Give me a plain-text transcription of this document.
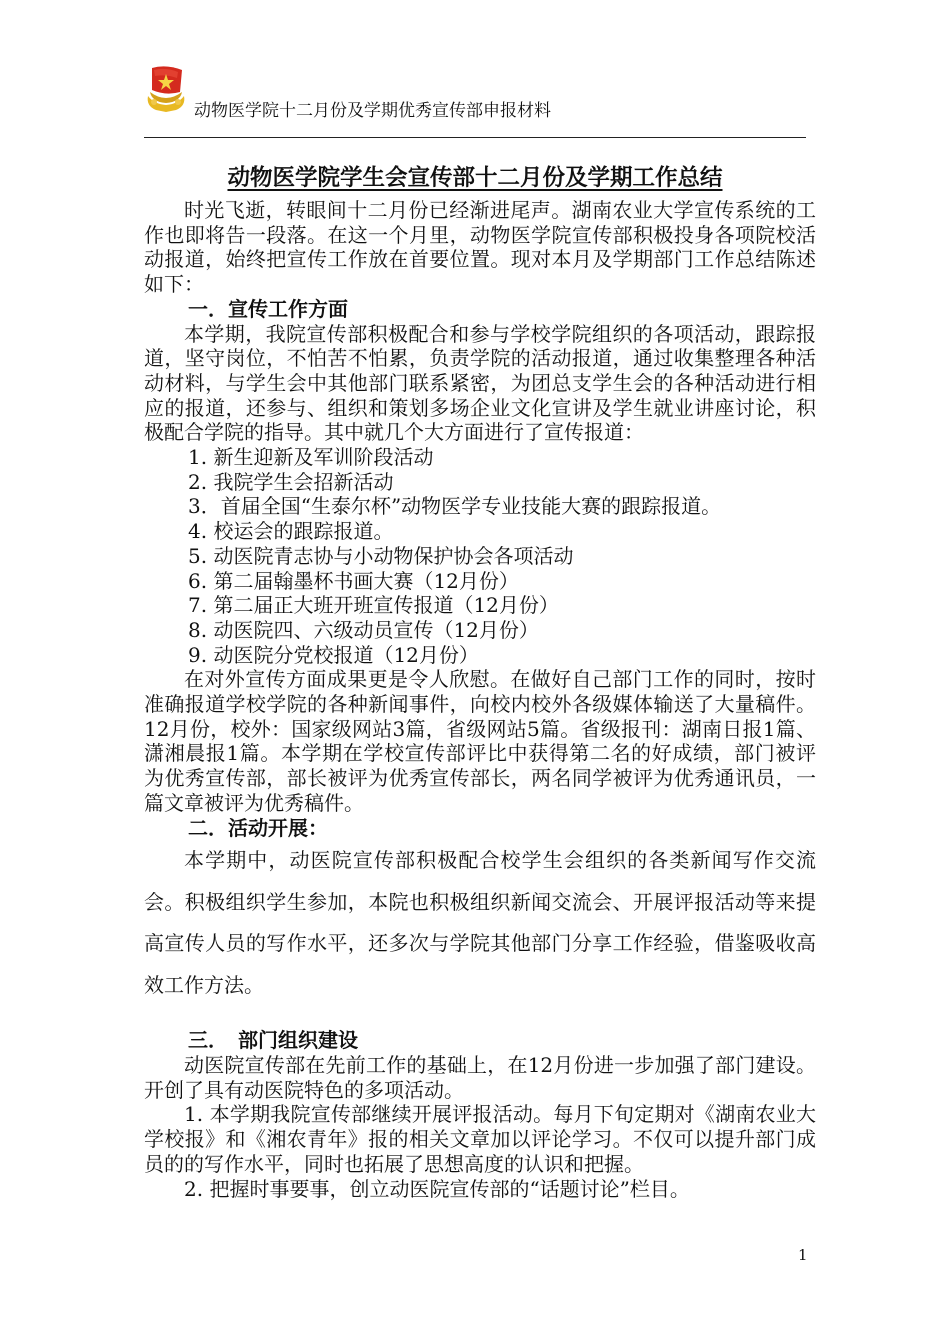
动物医学院十二月份及学期优秀宣传部申报材料
动物医学院学生会宣传部十二月份及学期工作总结

时光飞逝，转眼间十二月份已经渐进尾声。湖南农业大学宣传系统的工作也即将告一段落。在这一个月里，动物医学院宣传部积极投身各项院校活动报道，始终把宣传工作放在首要位置。现对本月及学期部门工作总结陈述如下：

一．宣传工作方面

本学期，我院宣传部积极配合和参与学校学院组织的各项活动，跟踪报道，坚守岗位，不怕苦不怕累，负责学院的活动报道，通过收集整理各种活动材料，与学生会中其他部门联系紧密，为团总支学生会的各种活动进行相应的报道，还参与、组织和策划多场企业文化宣讲及学生就业讲座讨论，积极配合学院的指导。其中就几个大方面进行了宣传报道：

1. 新生迎新及军训阶段活动

2. 我院学生会招新活动

3．首届全国“生泰尔杯”动物医学专业技能大赛的跟踪报道。

4. 校运会的跟踪报道。

5. 动医院青志协与小动物保护协会各项活动

6. 第二届翰墨杯书画大赛（12月份）

7. 第二届正大班开班宣传报道（12月份）

8. 动医院四、六级动员宣传（12月份）

9. 动医院分党校报道（12月份）

在对外宣传方面成果更是令人欣慰。在做好自己部门工作的同时，按时准确报道学校学院的各种新闻事件，向校内校外各级媒体输送了大量稿件。12月份，校外：国家级网站3篇，省级网站5篇。省级报刊：湖南日报1篇、潇湘晨报1篇。本学期在学校宣传部评比中获得第二名的好成绩，部门被评为优秀宣传部，部长被评为优秀宣传部长，两名同学被评为优秀通讯员，一篇文章被评为优秀稿件。

二．活动开展：

本学期中，动医院宣传部积极配合校学生会组织的各类新闻写作交流会。积极组织学生参加，本院也积极组织新闻交流会、开展评报活动等来提高宣传人员的写作水平，还多次与学院其他部门分享工作经验，借鉴吸收高效工作方法。

三．　部门组织建设

动医院宣传部在先前工作的基础上，在12月份进一步加强了部门建设。开创了具有动医院特色的多项活动。

1. 本学期我院宣传部继续开展评报活动。每月下旬定期对《湖南农业大学校报》和《湘农青年》报的相关文章加以评论学习。不仅可以提升部门成员的的写作水平，同时也拓展了思想高度的认识和把握。

2. 把握时事要事，创立动医院宣传部的“话题讨论”栏目。

1
